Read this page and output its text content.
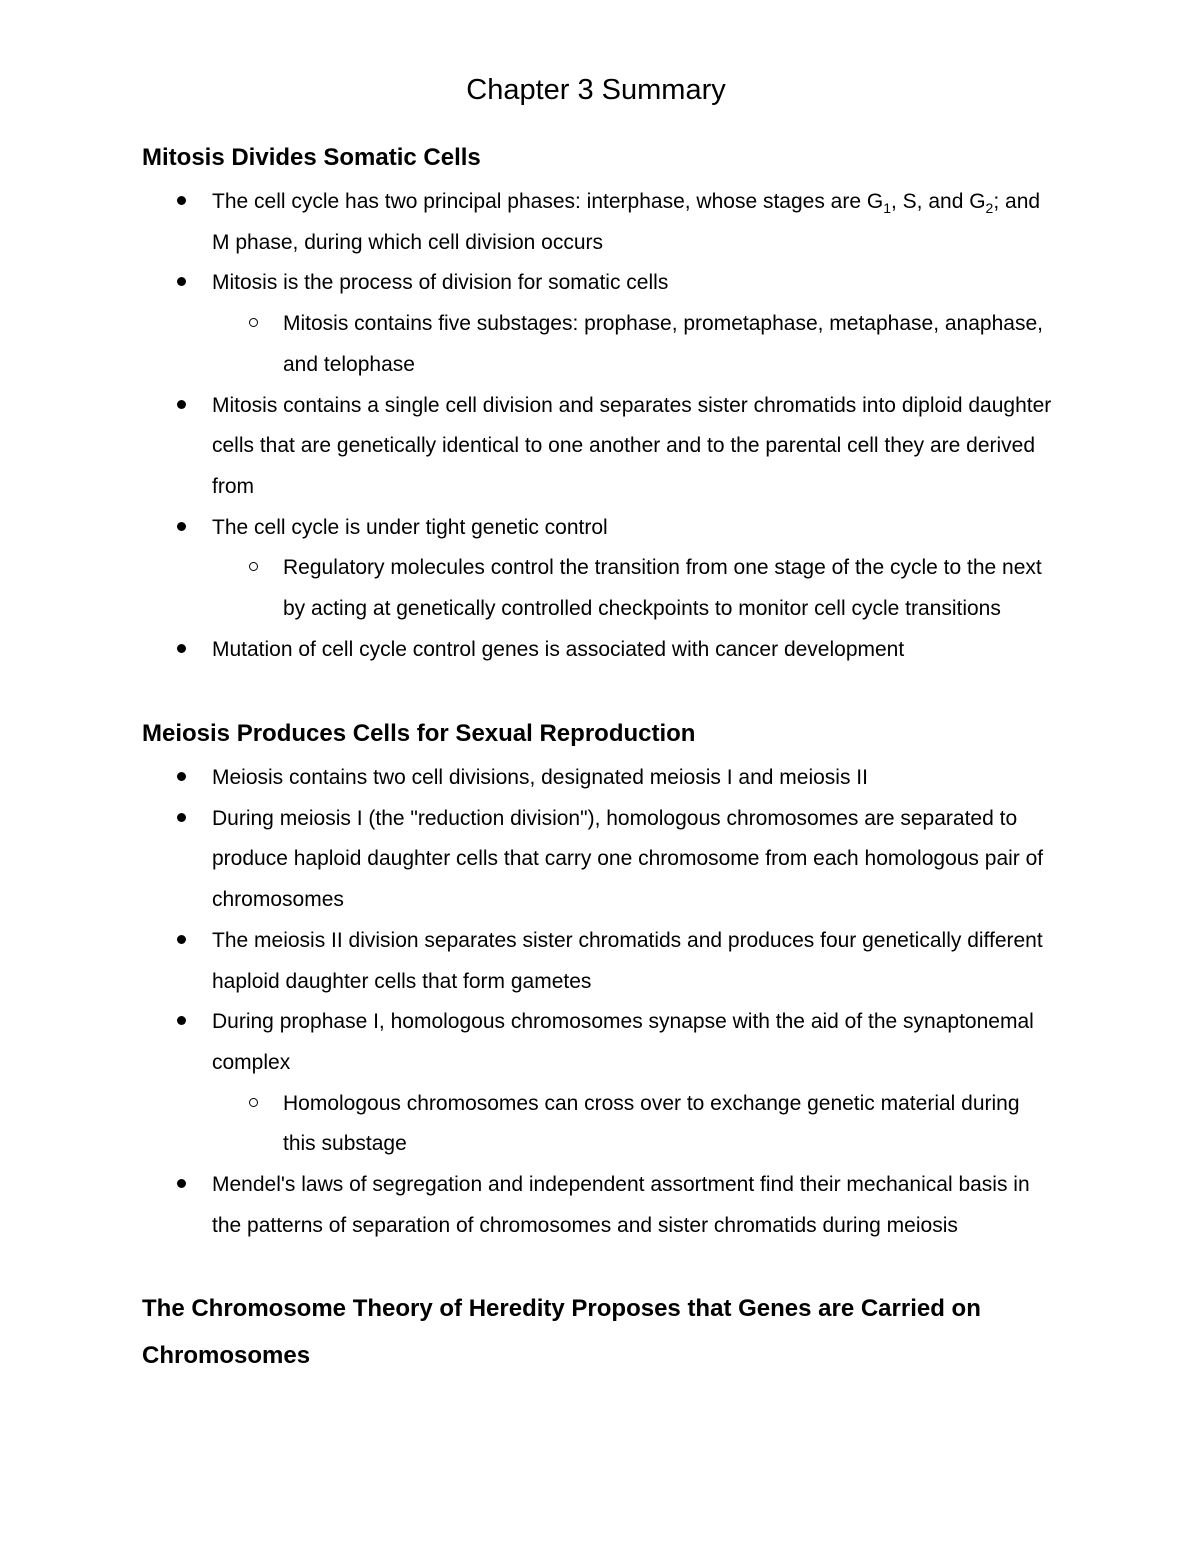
Chapter 3 Summary
Mitosis Divides Somatic Cells
The cell cycle has two principal phases: interphase, whose stages are $G_1$, S, and $G_2$; and M phase, during which cell division occurs
Mitosis is the process of division for somatic cells
Mitosis contains five substages: prophase, prometaphase, metaphase, anaphase, and telophase
Mitosis contains a single cell division and separates sister chromatids into diploid daughter cells that are genetically identical to one another and to the parental cell they are derived from
The cell cycle is under tight genetic control
Regulatory molecules control the transition from one stage of the cycle to the next by acting at genetically controlled checkpoints to monitor cell cycle transitions
Mutation of cell cycle control genes is associated with cancer development
Meiosis Produces Cells for Sexual Reproduction
Meiosis contains two cell divisions, designated meiosis I and meiosis II
During meiosis I (the "reduction division"), homologous chromosomes are separated to produce haploid daughter cells that carry one chromosome from each homologous pair of chromosomes
The meiosis II division separates sister chromatids and produces four genetically different haploid daughter cells that form gametes
During prophase I, homologous chromosomes synapse with the aid of the synaptonemal complex
Homologous chromosomes can cross over to exchange genetic material during this substage
Mendel's laws of segregation and independent assortment find their mechanical basis in the patterns of separation of chromosomes and sister chromatids during meiosis
The Chromosome Theory of Heredity Proposes that Genes are Carried on Chromosomes
